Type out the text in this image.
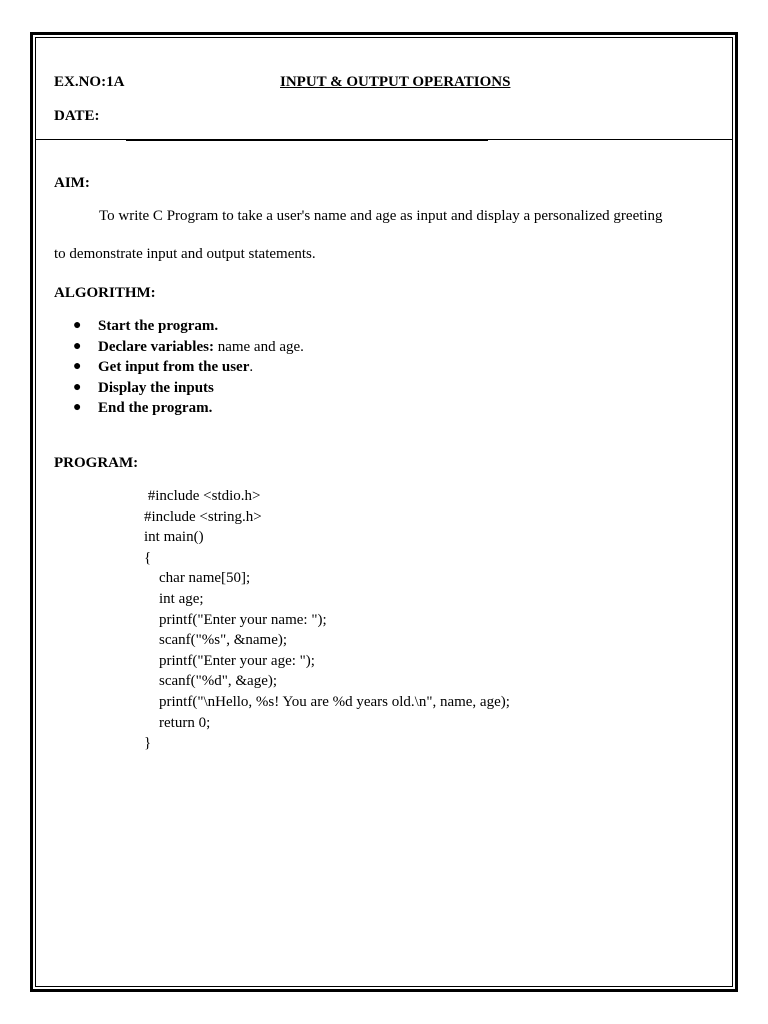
EX.NO:1A	INPUT & OUTPUT OPERATIONS
DATE:
AIM:
To write C Program to take a user's name and age as input and display a personalized greeting
to demonstrate input and output statements.
ALGORITHM:
● Start the program.
● Declare variables: name and age.
● Get input from the user.
● Display the inputs
● End the program.
PROGRAM:
#include <stdio.h>
#include <string.h>
int main()
{
char name[50];
int age;
printf("Enter your name: ");
scanf("%s", &name);
printf("Enter your age: ");
scanf("%d", &age);
printf("\nHello, %s! You are %d years old.\n", name, age);
return 0;
}
